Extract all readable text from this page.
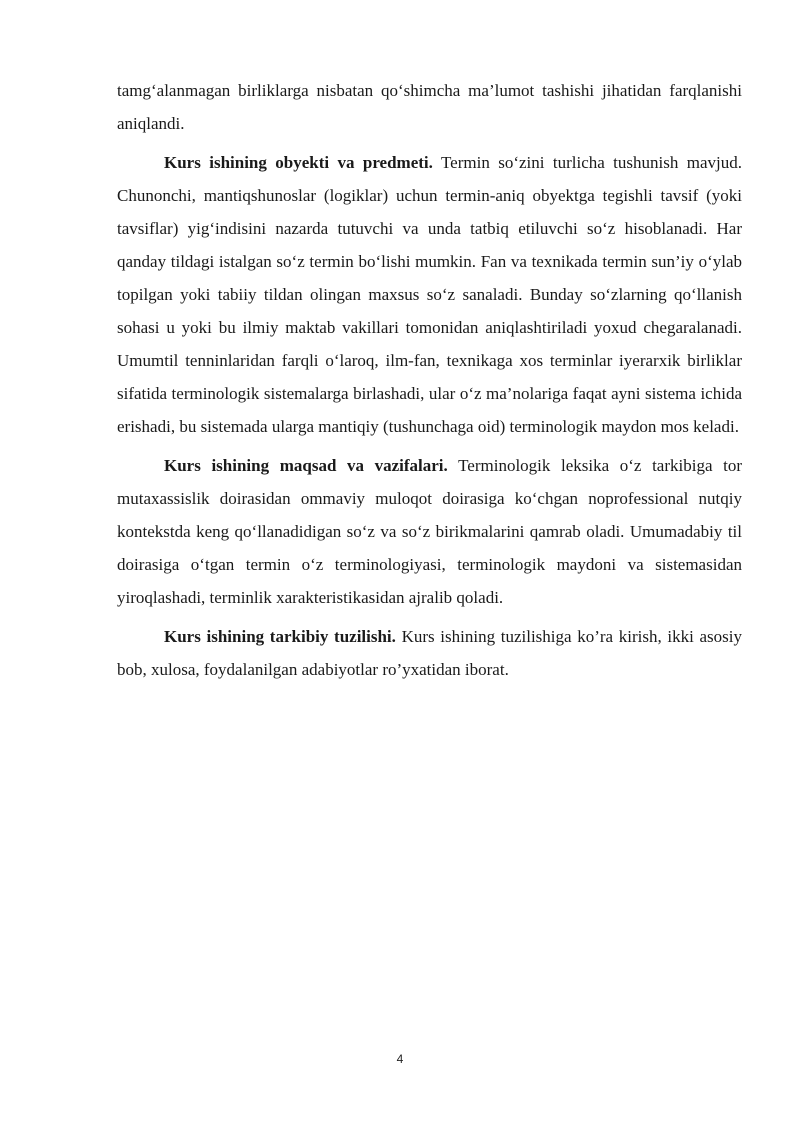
tamg‘alanmagan birliklarga nisbatan qo‘shimcha ma’lumot tashishi jihatidan farqlanishi aniqlandi.

Kurs ishining obyekti va predmeti. Termin so‘zini turlicha tushunish mavjud. Chunonchi, mantiqshunoslar (logiklar) uchun termin-aniq obyektga tegishli tavsif (yoki tavsiflar) yig‘indisini nazarda tutuvchi va unda tatbiq etiluvchi so‘z hisoblanadi. Har qanday tildagi istalgan so‘z termin bo‘lishi mumkin. Fan va texnikada termin sun’iy o‘ylab topilgan yoki tabiiy tildan olingan maxsus so‘z sanaladi. Bunday so‘zlarning qo‘llanish sohasi u yoki bu ilmiy maktab vakillari tomonidan aniqlashtiriladi yoxud chegaralanadi. Umumtil tenninlaridan farqli o‘laroq, ilm-fan, texnikaga xos terminlar iyerarxik birliklar sifatida terminologik sistemalarga birlashadi, ular o‘z ma’nolariga faqat ayni sistema ichida erishadi, bu sistemada ularga mantiqiy (tushunchaga oid) terminologik maydon mos keladi.

Kurs ishining maqsad va vazifalari. Terminologik leksika o‘z tarkibiga tor mutaxassislik doirasidan ommaviy muloqot doirasiga ko‘chgan noprofessional nutqiy kontekstda keng qo‘llanadidigan so‘z va so‘z birikmalarini qamrab oladi. Umumadabiy til doirasiga o‘tgan termin o‘z terminologiyasi, terminologik maydoni va sistemasidan yiroqlashadi, terminlik xarakteristikasidan ajralib qoladi.

Kurs ishining tarkibiy tuzilishi. Kurs ishining tuzilishiga ko’ra kirish, ikki asosiy bob, xulosa, foydalanilgan adabiyotlar ro’yxatidan iborat.

4
